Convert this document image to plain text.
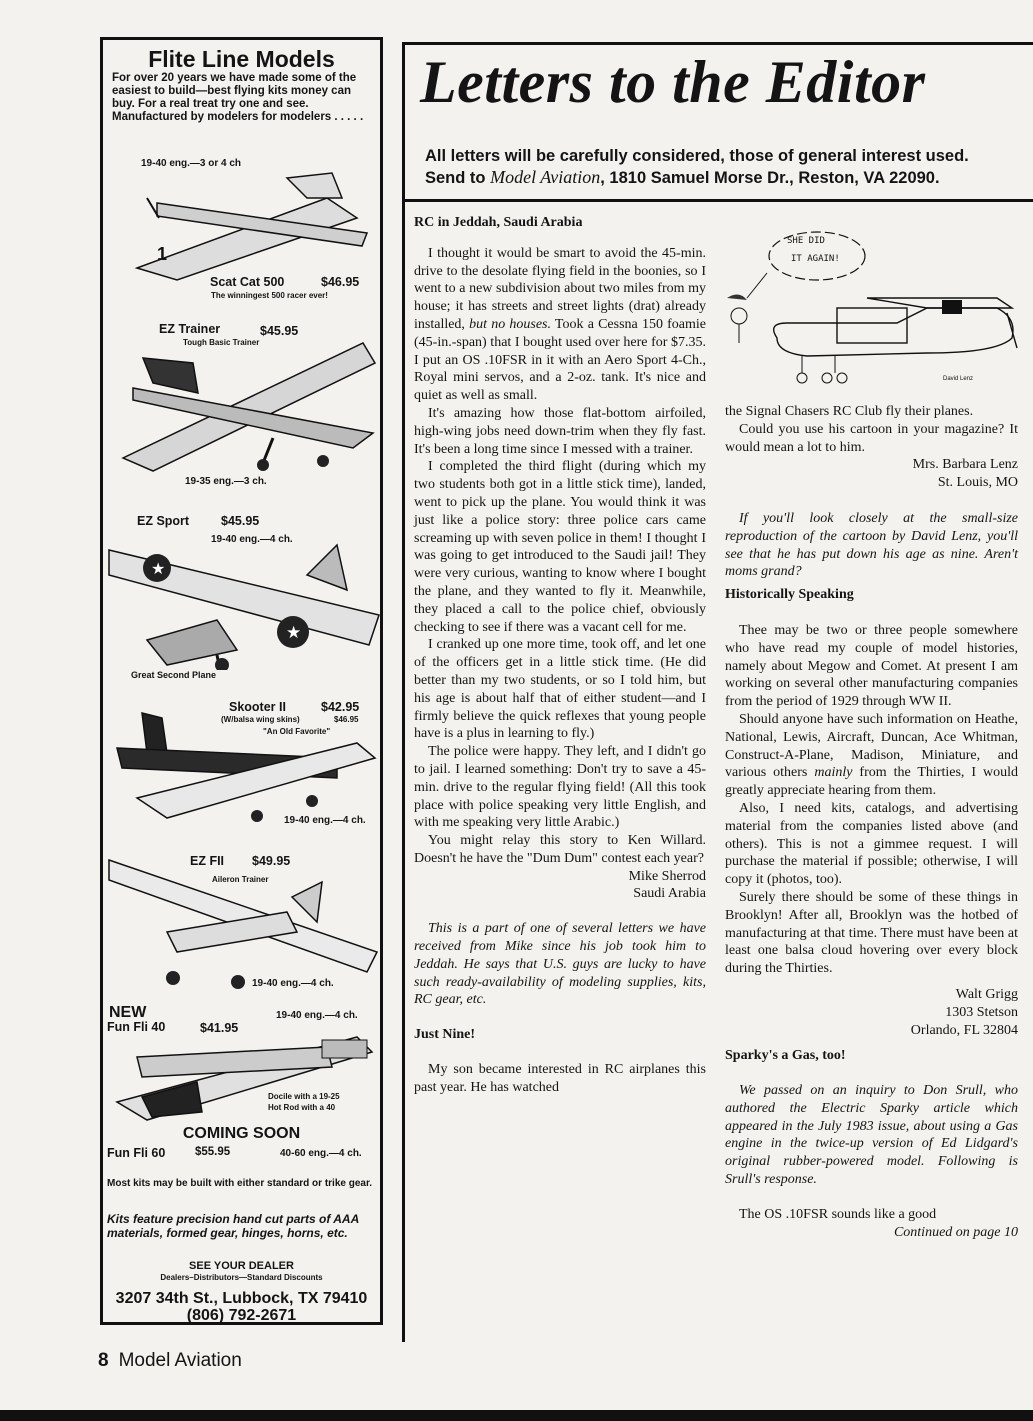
Flite Line Models
For over 20 years we have made some of the easiest to build—best flying kits money can buy. For a real treat try one and see. Manufactured by modelers for modelers . . . . .
19-40 eng.—3 or 4 ch
1
Scat Cat 500	$46.95
The winningest 500 racer ever!
EZ Trainer	$45.95
Tough Basic Trainer
19-35 eng.—3 ch.
EZ Sport	$45.95
19-40 eng.—4 ch.
★
★
Great Second Plane
Skooter II	$42.95
(W/balsa wing skins)	$46.95
"An Old Favorite"
19-40 eng.—4 ch.
EZ FII $49.95
Aileron Trainer
19-40 eng.—4 ch.
NEW
Fun Fli 40	$41.95
19-40 eng.—4 ch.
Docile with a 19-25
Hot Rod with a 40
COMING SOON
Fun Fli 60	$55.95	40-60 eng.—4 ch.
Most kits may be built with either standard or trike gear.
Kits feature precision hand cut parts of AAA materials, formed gear, hinges, horns, etc.
SEE YOUR DEALER
Dealers–Distributors—Standard Discounts
3207 34th St., Lubbock, TX 79410
(806) 792-2671
Letters to the Editor
All letters will be carefully considered, those of general interest used.
Send to Model Aviation, 1810 Samuel Morse Dr., Reston, VA 22090.

RC in Jeddah, Saudi Arabia

I thought it would be smart to avoid the 45-min. drive to the desolate flying field in the boonies, so I went to a new subdivision about two miles from my house; it has streets and street lights (drat) already installed, but no houses. Took a Cessna 150 foamie (45-in.-span) that I bought used over here for $7.35. I put an OS .10FSR in it with an Aero Sport 4-Ch., Royal mini servos, and a 2-oz. tank. It's nice and quiet as well as small.

It's amazing how those flat-bottom airfoiled, high-wing jobs need down-trim when they fly fast. It's been a long time since I messed with a trainer.

I completed the third flight (during which my two students both got in a little stick time), landed, went to pick up the plane. You would think it was just like a police story: three police cars came screaming up with seven police in them! I thought I was going to get introduced to the Saudi jail! They were very curious, wanting to know where I bought the plane, and they wanted to fly it. Meanwhile, they placed a call to the police chief, obviously checking to see if there was a vacant cell for me.

I cranked up one more time, took off, and let one of the officers get in a little stick time. (He did better than my two students, or so I told him, but his age is about half that of either student—and I firmly believe the quick reflexes that young people have is a plus in learning to fly.)

The police were happy. They left, and I didn't go to jail. I learned something: Don't try to save a 45-min. drive to the regular flying field! (All this took place with police speaking very little English, and with me speaking very little Arabic.)

You might relay this story to Ken Willard. Doesn't he have the "Dum Dum" contest each year?

Mike Sherrod

Saudi Arabia

This is a part of one of several letters we have received from Mike since his job took him to Jeddah. He says that U.S. guys are lucky to have such ready-availability of modeling supplies, kits, RC gear, etc.

Just Nine!

My son became interested in RC airplanes this past year. He has watched

SHE DID
IT AGAIN!
David Lenz

the Signal Chasers RC Club fly their planes.

Could you use his cartoon in your magazine? It would mean a lot to him.

Mrs. Barbara Lenz

St. Louis, MO

If you'll look closely at the small-size reproduction of the cartoon by David Lenz, you'll see that he has put down his age as nine. Aren't moms grand?

Historically Speaking

Thee may be two or three people somewhere who have read my couple of model histories, namely about Megow and Comet. At present I am working on several other manufacturing companies from the period of 1929 through WW II.

Should anyone have such information on Heathe, National, Lewis, Aircraft, Duncan, Ace Whitman, Construct-A-Plane, Madison, Miniature, and various others mainly from the Thirties, I would greatly appreciate hearing from them.

Also, I need kits, catalogs, and advertising material from the companies listed above (and others). This is not a gimmee request. I will purchase the material if possible; otherwise, I will copy it (photos, too).

Surely there should be some of these things in Brooklyn! After all, Brooklyn was the hotbed of manufacturing at that time. There must have been at least one balsa cloud hovering over every block during the Thirties.

Walt Grigg

1303 Stetson

Orlando, FL 32804

Sparky's a Gas, too!

We passed on an inquiry to Don Srull, who authored the Electric Sparky article which appeared in the July 1983 issue, about using a Gas engine in the twice-up version of Ed Lidgard's original rubber-powered model. Following is Srull's response.

The OS .10FSR sounds like a good

Continued on page 10

8 Model Aviation
